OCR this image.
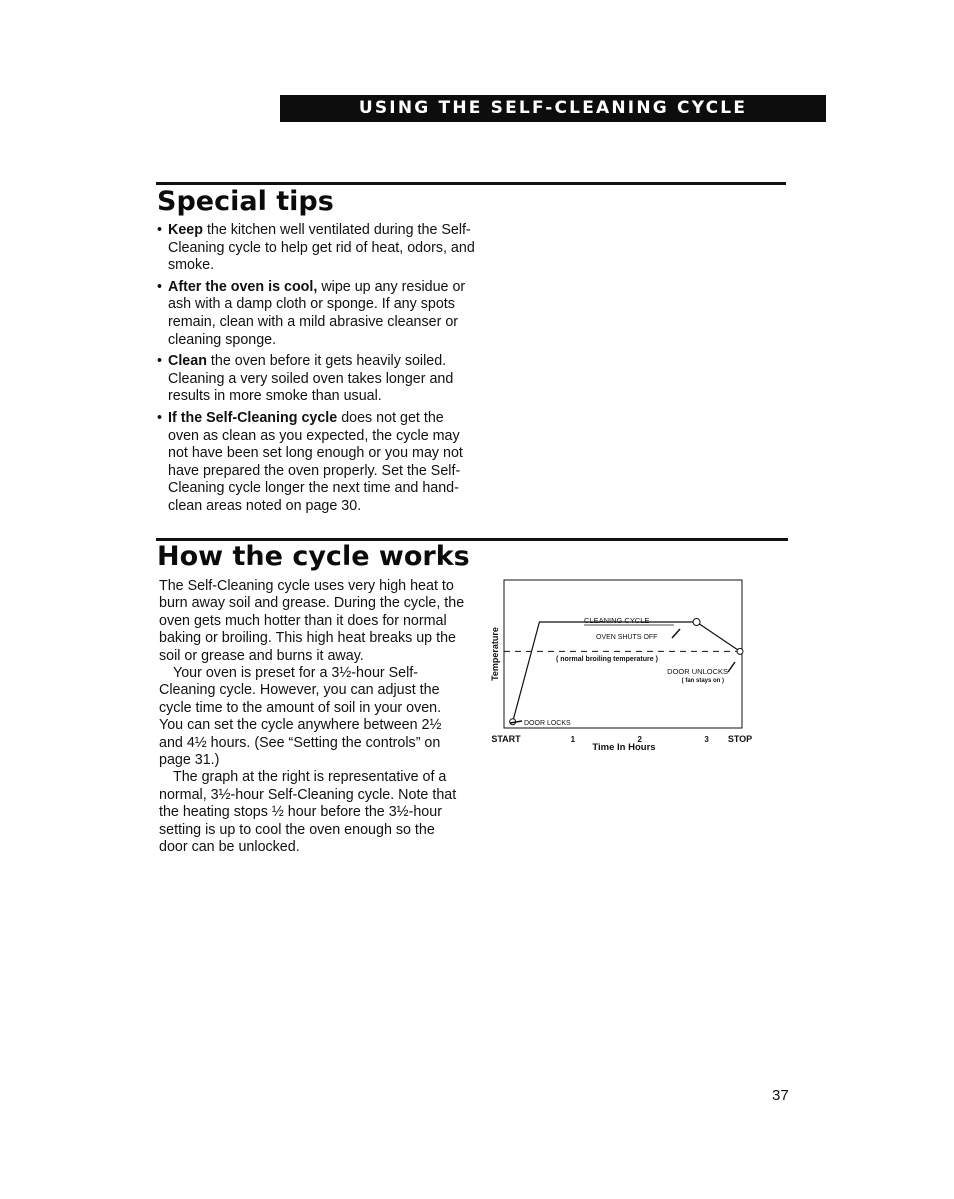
USING THE SELF-CLEANING CYCLE
Special tips
• Keep the kitchen well ventilated during the Self-Cleaning cycle to help get rid of heat, odors, and smoke.
• After the oven is cool, wipe up any residue or ash with a damp cloth or sponge. If any spots remain, clean with a mild abrasive cleanser or cleaning sponge.
• Clean the oven before it gets heavily soiled. Cleaning a very soiled oven takes longer and results in more smoke than usual.
• If the Self-Cleaning cycle does not get the oven as clean as you expected, the cycle may not have been set long enough or you may not have prepared the oven properly. Set the Self-Cleaning cycle longer the next time and hand-clean areas noted on page 30.
How the cycle works

The Self-Cleaning cycle uses very high heat to burn away soil and grease. During the cycle, the oven gets much hotter than it does for normal baking or broiling. This high heat breaks up the soil or grease and burns it away.

Your oven is preset for a 3½-hour Self-Cleaning cycle. However, you can adjust the cycle time to the amount of soil in your oven. You can set the cycle anywhere between 2½ and 4½ hours. (See “Setting the controls” on page 31.)

The graph at the right is representative of a normal, 3½-hour Self-Cleaning cycle. Note that the heating stops ½ hour before the 3½-hour setting is up to cool the oven enough so the door can be unlocked.

CLEANING CYCLE
OVEN SHUTS OFF
( normal broiling temperature )
DOOR UNLOCKS
( fan stays on )
DOOR LOCKS
Temperature
START	1	2	3 STOP
Time In Hours
37
